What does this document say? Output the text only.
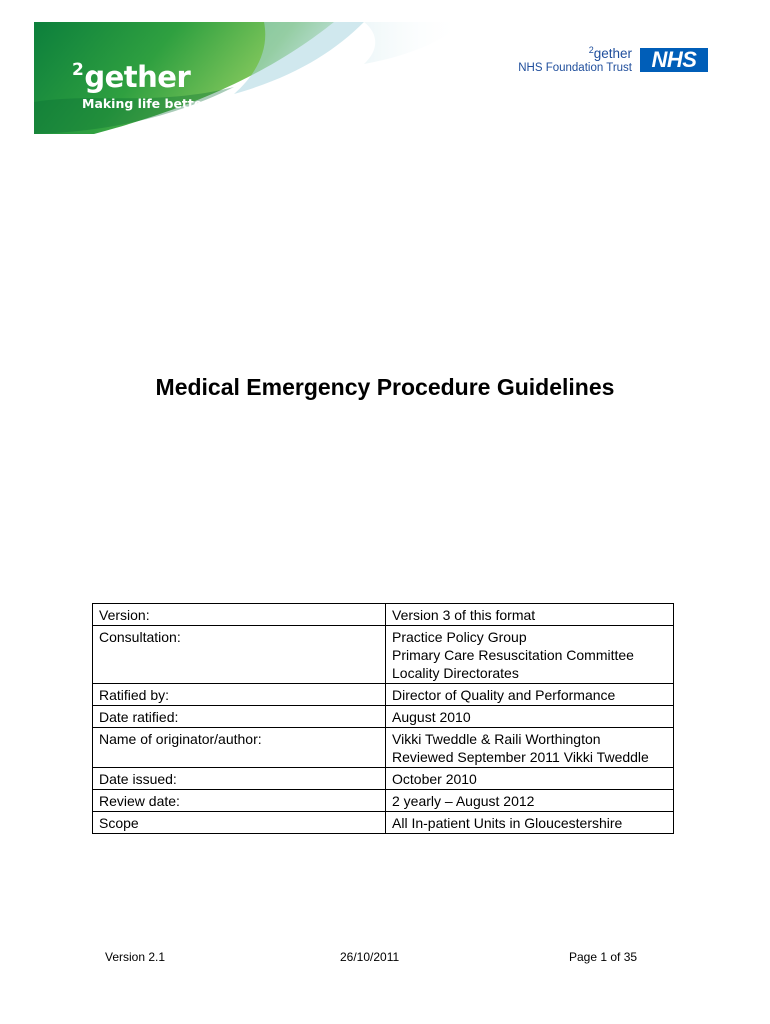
$^2$gether
Making life better
$^2$gether
NHS Foundation Trust NHS
Medical Emergency Procedure Guidelines
Version:	Version 3 of this format

Consultation:	Practice Policy Group
Primary Care Resuscitation Committee
Locality Directorates

Ratified by:	Director of Quality and Performance

Date ratified:	August 2010

Name of originator/author:	Vikki Tweddle & Raili Worthington
Reviewed September 2011 Vikki Tweddle

Date issued:	October 2010

Review date:	2 yearly – August 2012

Scope	All In-patient Units in Gloucestershire
Version 2.1	26/10/2011	Page 1 of 35
